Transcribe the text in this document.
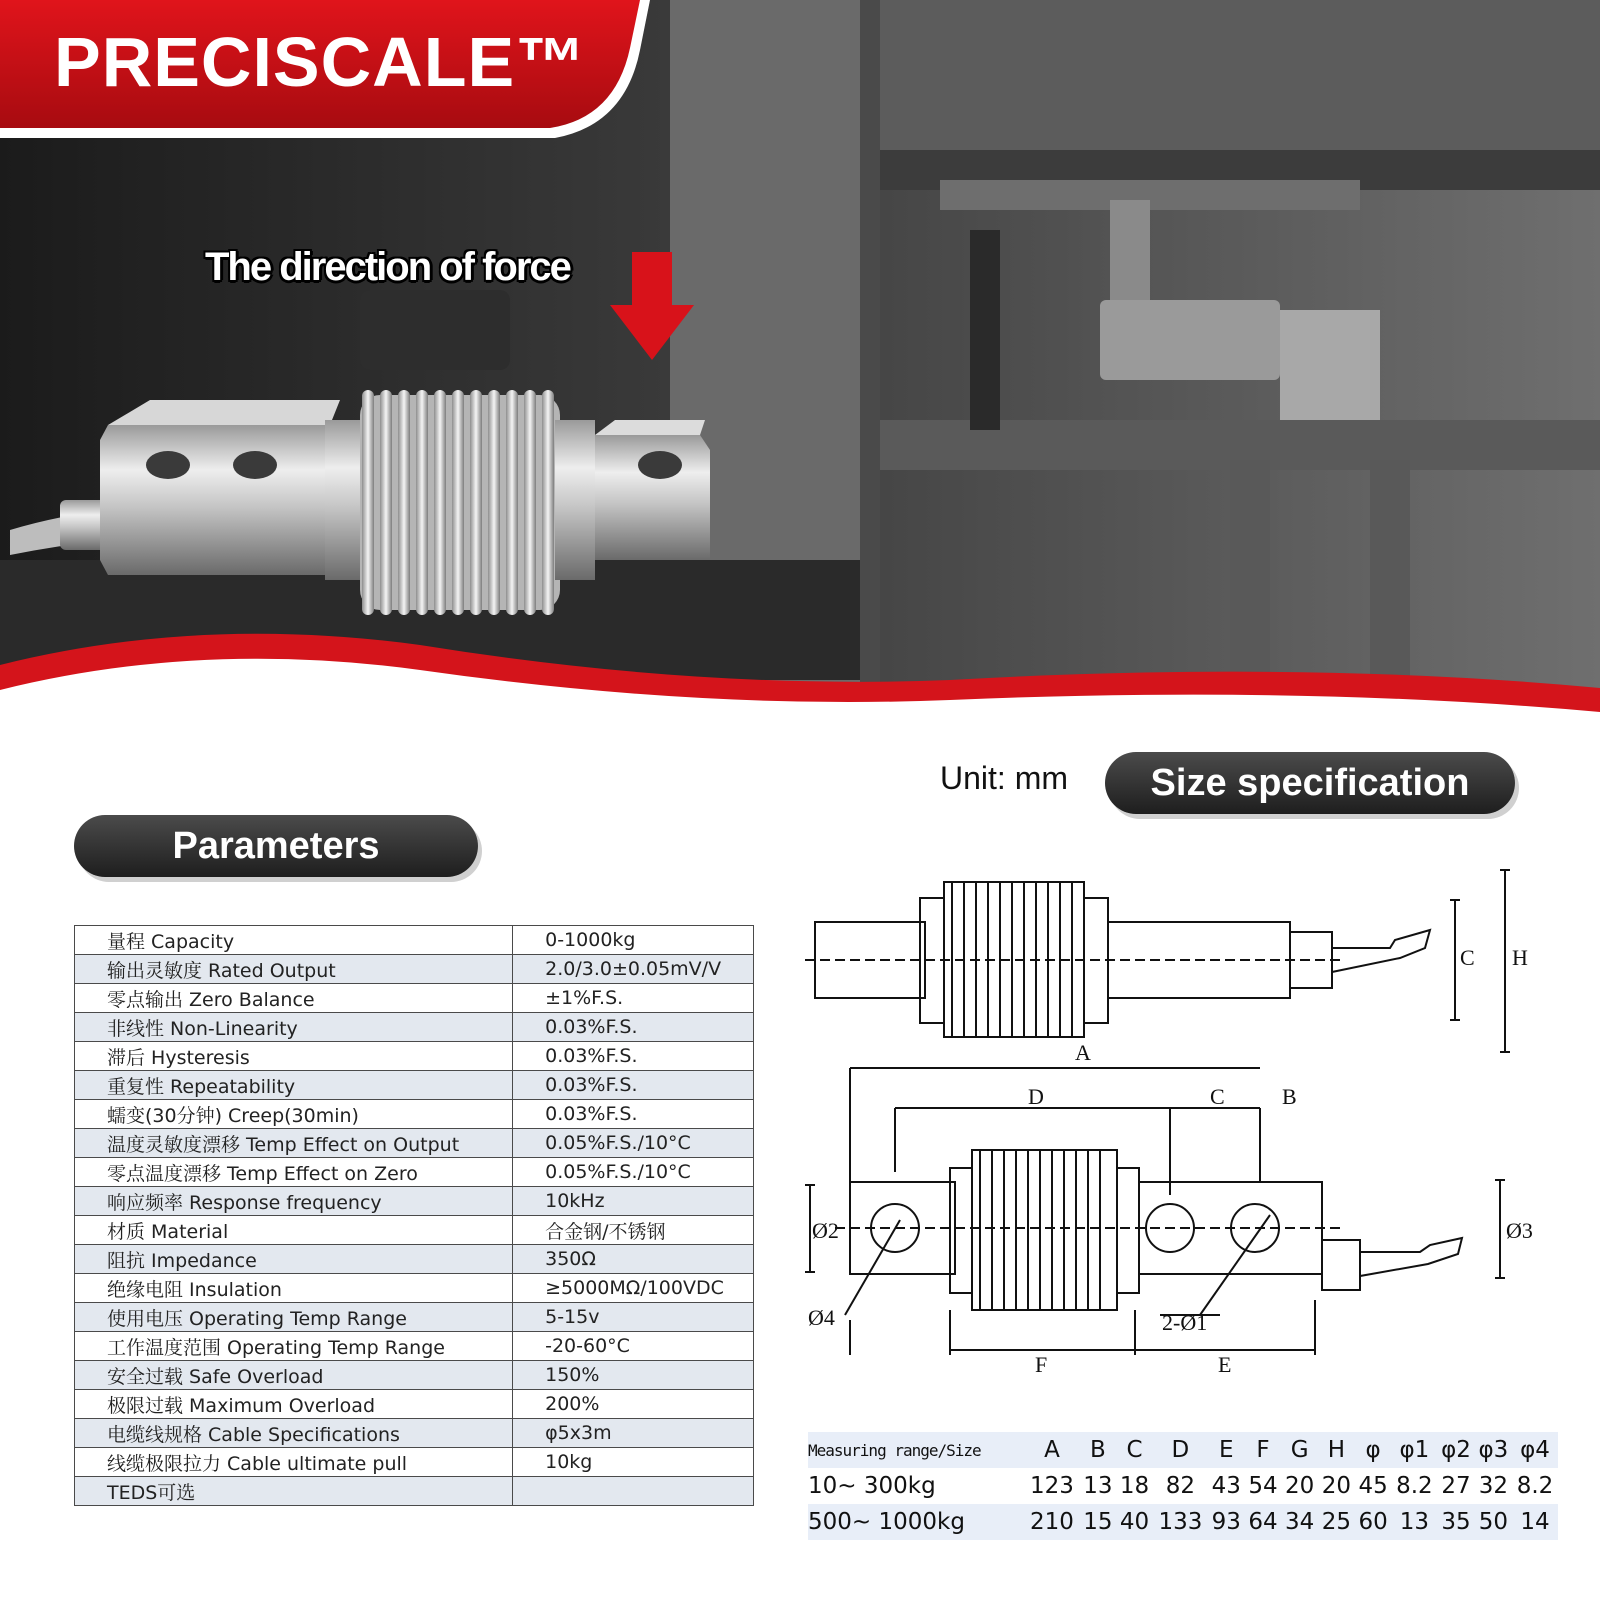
PRECISCALE™
The direction of force
Unit: mm	Size specification
Parameters
量程 Capacity	0-1000kg
输出灵敏度 Rated Output	2.0/3.0±0.05mV/V
零点输出 Zero Balance	±1%F.S.
非线性 Non-Linearity	0.03%F.S.
滞后 Hysteresis	0.03%F.S.
重复性 Repeatability	0.03%F.S.
蠕变(30分钟) Creep(30min)	0.03%F.S.
温度灵敏度漂移 Temp Effect on Output	0.05%F.S./10°C
零点温度漂移 Temp Effect on Zero	0.05%F.S./10°C
响应频率 Response frequency	10kHz
材质 Material	合金钢/不锈钢
阻抗 Impedance	350Ω
绝缘电阻 Insulation	≥5000MΩ/100VDC
使用电压 Operating Temp Range	5-15v
工作温度范围 Operating Temp Range	-20-60°C
安全过载 Safe Overload	150%
极限过载 Maximum Overload	200%
电缆线规格 Cable Specifications	φ5x3m
线缆极限拉力 Cable ultimate pull	10kg
TEDS可选	
C H
A
D	C	B
Ø2	Ø3
Ø4	2-Ø1
F	E
Measuring range/Size	A	B	C	D	E	F	G	H	φ	φ1	φ2	φ3	φ4
10~ 300kg	123	13	18	82	43	54	20	20	45	8.2	27	32	8.2
500~ 1000kg	210	15	40	133	93	64	34	25	60	13	35	50	14
